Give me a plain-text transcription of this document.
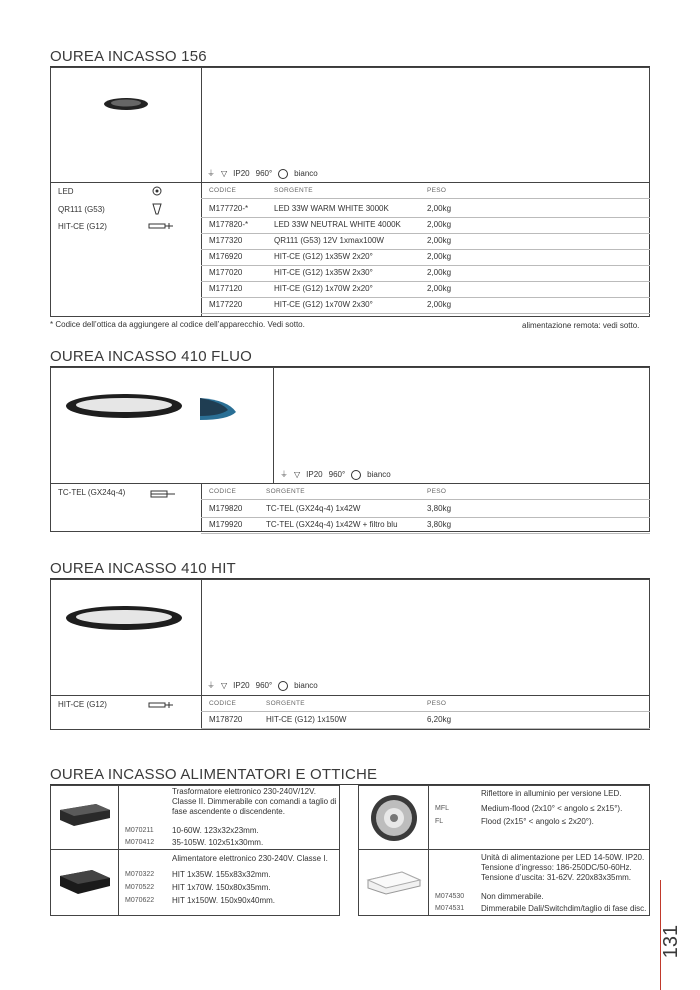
OUREA INCASSO 156
⏚ ▽ IP20 960°	bianco
LED
QR111 (G53)
HIT-CE (G12)
CODICE	SORGENTE	PESO
* Codice dell’ottica da aggiungere al codice dell’apparecchio. Vedi sotto.	alimentazione remota: vedi sotto.
OUREA INCASSO 410 FLUO
⏚ ▽ IP20 960°	bianco
TC-TEL (GX24q-4)	CODICE	SORGENTE	PESO
OUREA INCASSO 410 HIT
⏚ ▽ IP20 960°	bianco
HIT-CE (G12)	CODICE	SORGENTE	PESO
OUREA INCASSO ALIMENTATORI E OTTICHE
Trasformatore elettronico 230-240V/12V. Classe II. Dimmerabile con comandi a taglio di fase ascendente o discendente.
M070211 10-60W. 123x32x23mm.
M070412 35-105W. 102x51x30mm.
Alimentatore elettronico 230-240V. Classe I.
M070322 HIT 1x35W. 155x83x32mm.
M070522 HIT 1x70W. 150x80x35mm.
M070622 HIT 1x150W. 150x90x40mm.
Riflettore in alluminio per versione LED.
MFL	Medium-flood (2x10° < angolo ≤ 2x15°).
FL	Flood (2x15° < angolo ≤ 2x20°).
Unità di alimentazione per LED 14-50W. IP20. Tensione d’ingresso: 186-250DC/50-60Hz. Tensione d’uscita: 31-62V. 220x83x35mm.
M074530 Non dimmerabile.
M074531 Dimmerabile Dali/Switchdim/taglio di fase disc.
131
M177720-*	LED 33W WARM WHITE 3000K	2,00kg
M177820-*	LED 33W NEUTRAL WHITE 4000K	2,00kg
M177320	QR111 (G53) 12V 1xmax100W	2,00kg
M176920	HIT-CE (G12) 1x35W 2x20°	2,00kg
M177020	HIT-CE (G12) 1x35W 2x30°	2,00kg
M177120	HIT-CE (G12) 1x70W 2x20°	2,00kg
M177220	HIT-CE (G12) 1x70W 2x30°	2,00kg
M179820	TC-TEL (GX24q-4) 1x42W	3,80kg
M179920	TC-TEL (GX24q-4) 1x42W + filtro blu	3,80kg
M178720	HIT-CE (G12) 1x150W	6,20kg
